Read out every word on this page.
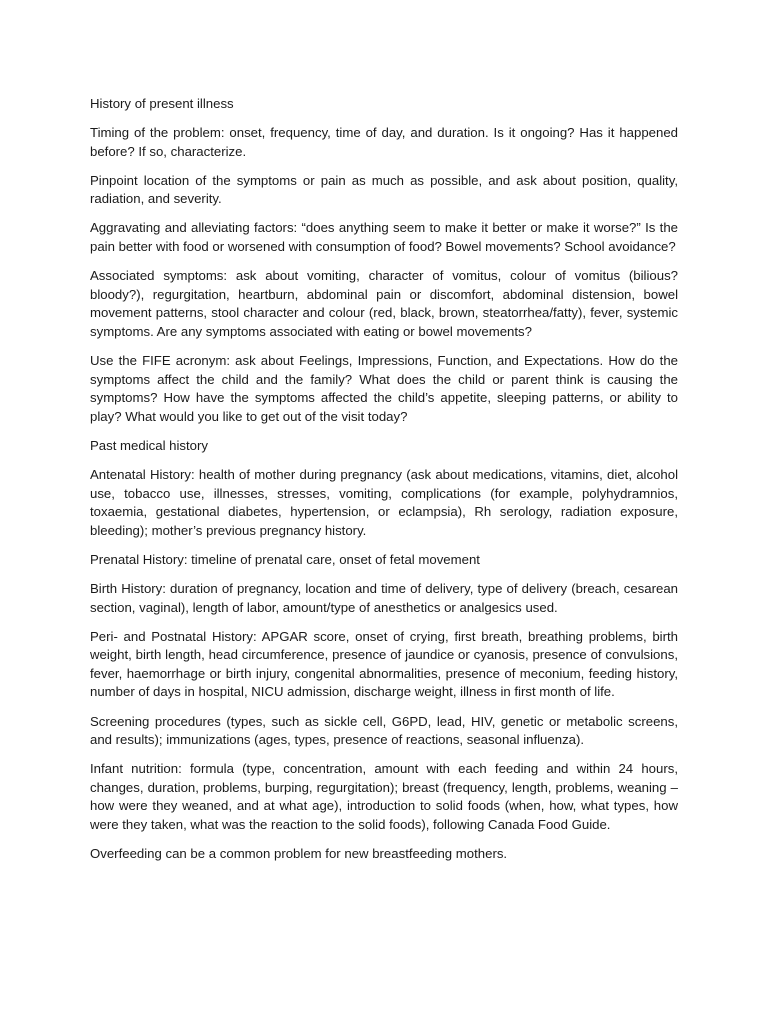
History of present illness

Timing of the problem: onset, frequency, time of day, and duration. Is it ongoing? Has it happened before? If so, characterize.

Pinpoint location of the symptoms or pain as much as possible, and ask about position, quality, radiation, and severity.

Aggravating and alleviating factors: “does anything seem to make it better or make it worse?” Is the pain better with food or worsened with consumption of food? Bowel movements? School avoidance?

Associated symptoms: ask about vomiting, character of vomitus, colour of vomitus (bilious? bloody?), regurgitation, heartburn, abdominal pain or discomfort, abdominal distension, bowel movement patterns, stool character and colour (red, black, brown, steatorrhea/fatty), fever, systemic symptoms. Are any symptoms associated with eating or bowel movements?

Use the FIFE acronym: ask about Feelings, Impressions, Function, and Expectations. How do the symptoms affect the child and the family? What does the child or parent think is causing the symptoms? How have the symptoms affected the child’s appetite, sleeping patterns, or ability to play? What would you like to get out of the visit today?

Past medical history

Antenatal History: health of mother during pregnancy (ask about medications, vitamins, diet, alcohol use, tobacco use, illnesses, stresses, vomiting, complications (for example, polyhydramnios, toxaemia, gestational diabetes, hypertension, or eclampsia), Rh serology, radiation exposure, bleeding); mother’s previous pregnancy history.

Prenatal History: timeline of prenatal care, onset of fetal movement

Birth History: duration of pregnancy, location and time of delivery, type of delivery (breach, cesarean section, vaginal), length of labor, amount/type of anesthetics or analgesics used.

Peri- and Postnatal History: APGAR score, onset of crying, first breath, breathing problems, birth weight, birth length, head circumference, presence of jaundice or cyanosis, presence of convulsions, fever, haemorrhage or birth injury, congenital abnormalities, presence of meconium, feeding history, number of days in hospital, NICU admission, discharge weight, illness in first month of life.

Screening procedures (types, such as sickle cell, G6PD, lead, HIV, genetic or metabolic screens, and results); immunizations (ages, types, presence of reactions, seasonal influenza).

Infant nutrition: formula (type, concentration, amount with each feeding and within 24 hours, changes, duration, problems, burping, regurgitation); breast (frequency, length, problems, weaning – how were they weaned, and at what age), introduction to solid foods (when, how, what types, how were they taken, what was the reaction to the solid foods), following Canada Food Guide.

Overfeeding can be a common problem for new breastfeeding mothers.
